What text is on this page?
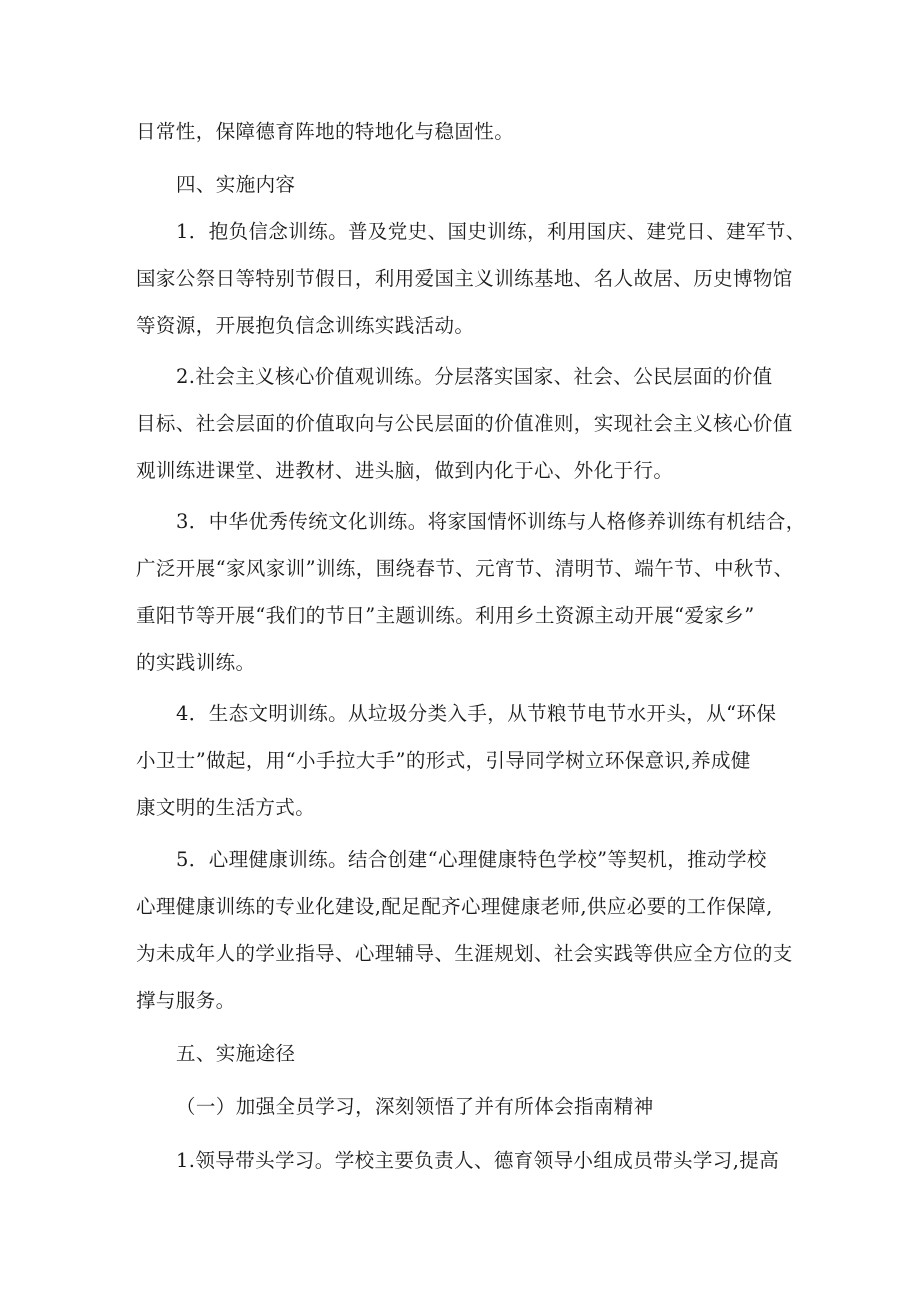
日常性，保障德育阵地的特地化与稳固性。
四、实施内容
1．抱负信念训练。普及党史、国史训练，利用国庆、建党日、建军节、
国家公祭日等特别节假日，利用爱国主义训练基地、名人故居、历史博物馆
等资源，开展抱负信念训练实践活动。
2.社会主义核心价值观训练。分层落实国家、社会、公民层面的价值
目标、社会层面的价值取向与公民层面的价值准则，实现社会主义核心价值
观训练进课堂、进教材、进头脑，做到内化于心、外化于行。
3．中华优秀传统文化训练。将家国情怀训练与人格修养训练有机结合，
广泛开展“家风家训”训练，围绕春节、元宵节、清明节、端午节、中秋节、
重阳节等开展“我们的节日”主题训练。利用乡土资源主动开展“爱家乡”
的实践训练。
4．生态文明训练。从垃圾分类入手，从节粮节电节水开头，从“环保
小卫士”做起，用“小手拉大手”的形式，引导同学树立环保意识,养成健
康文明的生活方式。
5．心理健康训练。结合创建“心理健康特色学校”等契机，推动学校
心理健康训练的专业化建设,配足配齐心理健康老师,供应必要的工作保障,
为未成年人的学业指导、心理辅导、生涯规划、社会实践等供应全方位的支
撑与服务。
五、实施途径
（一）加强全员学习，深刻领悟了并有所体会指南精神
1.领导带头学习。学校主要负责人、德育领导小组成员带头学习,提高
